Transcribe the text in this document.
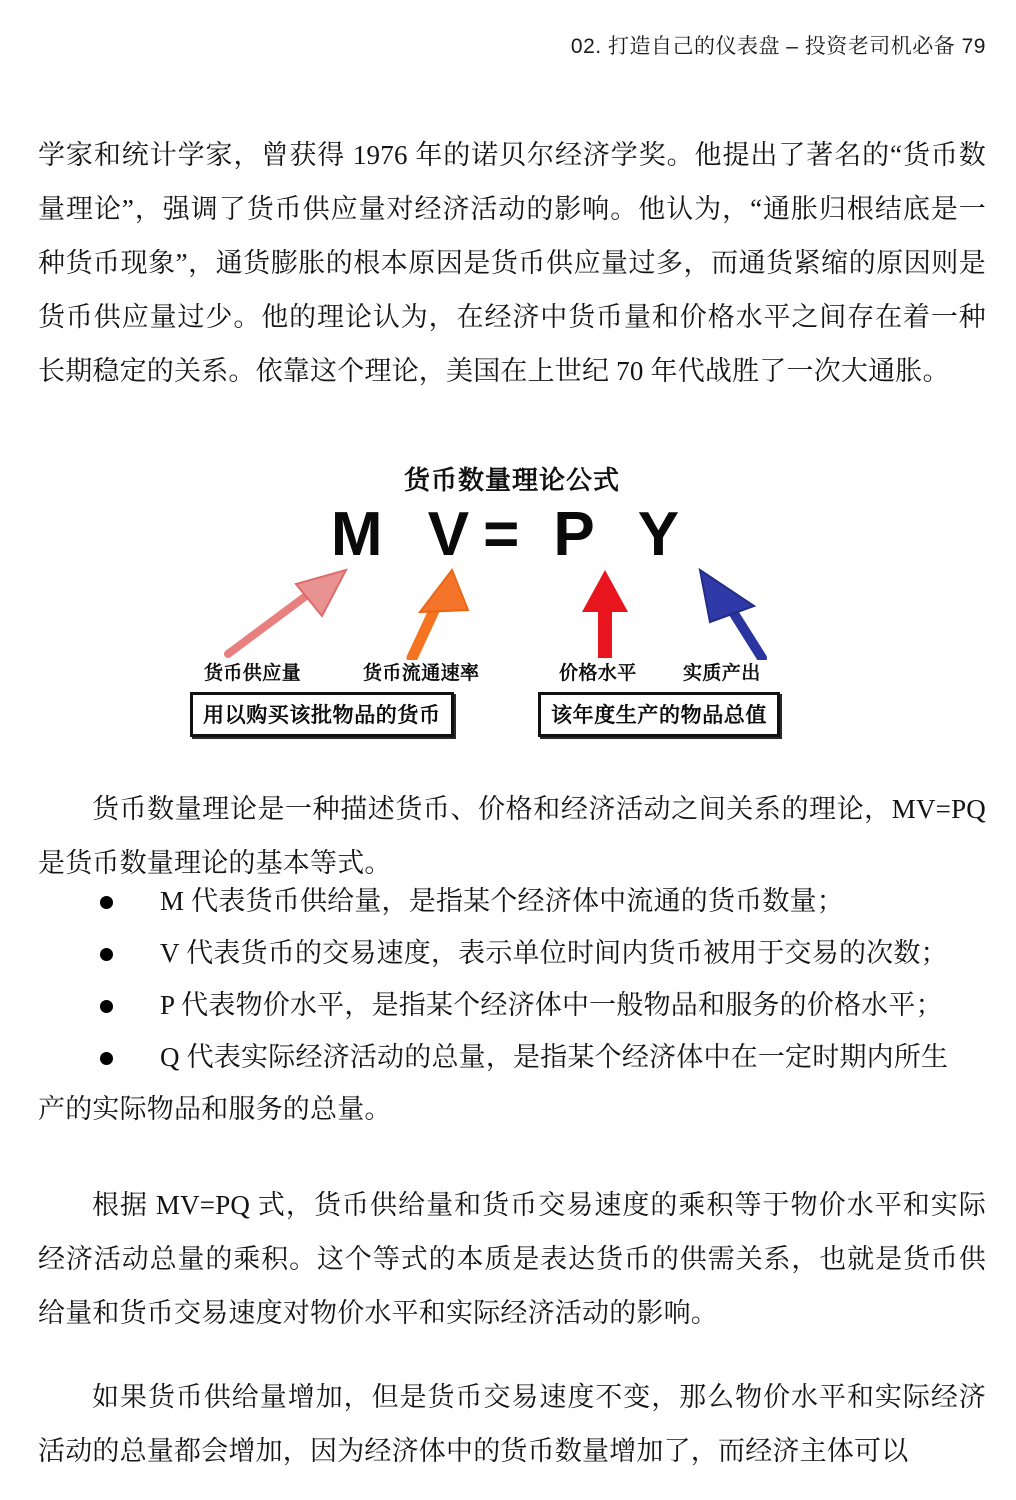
02. 打造自己的仪表盘 – 投资老司机必备 79

学家和统计学家，曾获得 1976 年的诺贝尔经济学奖。他提出了著名的“货币数量理论”，强调了货币供应量对经济活动的影响。他认为，“通胀归根结底是一种货币现象”，通货膨胀的根本原因是货币供应量过多，而通货紧缩的原因则是货币供应量过少。他的理论认为，在经济中货币量和价格水平之间存在着一种长期稳定的关系。依靠这个理论，美国在上世纪 70 年代战胜了一次大通胀。

货币数量理论公式
M V=P Y
货币供应量	货币流通速率	价格水平 实质产出
用以购买该批物品的货币	该年度生产的物品总值

货币数量理论是一种描述货币、价格和经济活动之间关系的理论，MV=PQ 是货币数量理论的基本等式。

M 代表货币供给量，是指某个经济体中流通的货币数量；
V 代表货币的交易速度，表示单位时间内货币被用于交易的次数；
P 代表物价水平，是指某个经济体中一般物品和服务的价格水平；
Q 代表实际经济活动的总量，是指某个经济体中在一定时期内所生
产的实际物品和服务的总量。

根据 MV=PQ 式，货币供给量和货币交易速度的乘积等于物价水平和实际经济活动总量的乘积。这个等式的本质是表达货币的供需关系，也就是货币供给量和货币交易速度对物价水平和实际经济活动的影响。

如果货币供给量增加，但是货币交易速度不变，那么物价水平和实际经济活动的总量都会增加，因为经济体中的货币数量增加了，而经济主体可以
